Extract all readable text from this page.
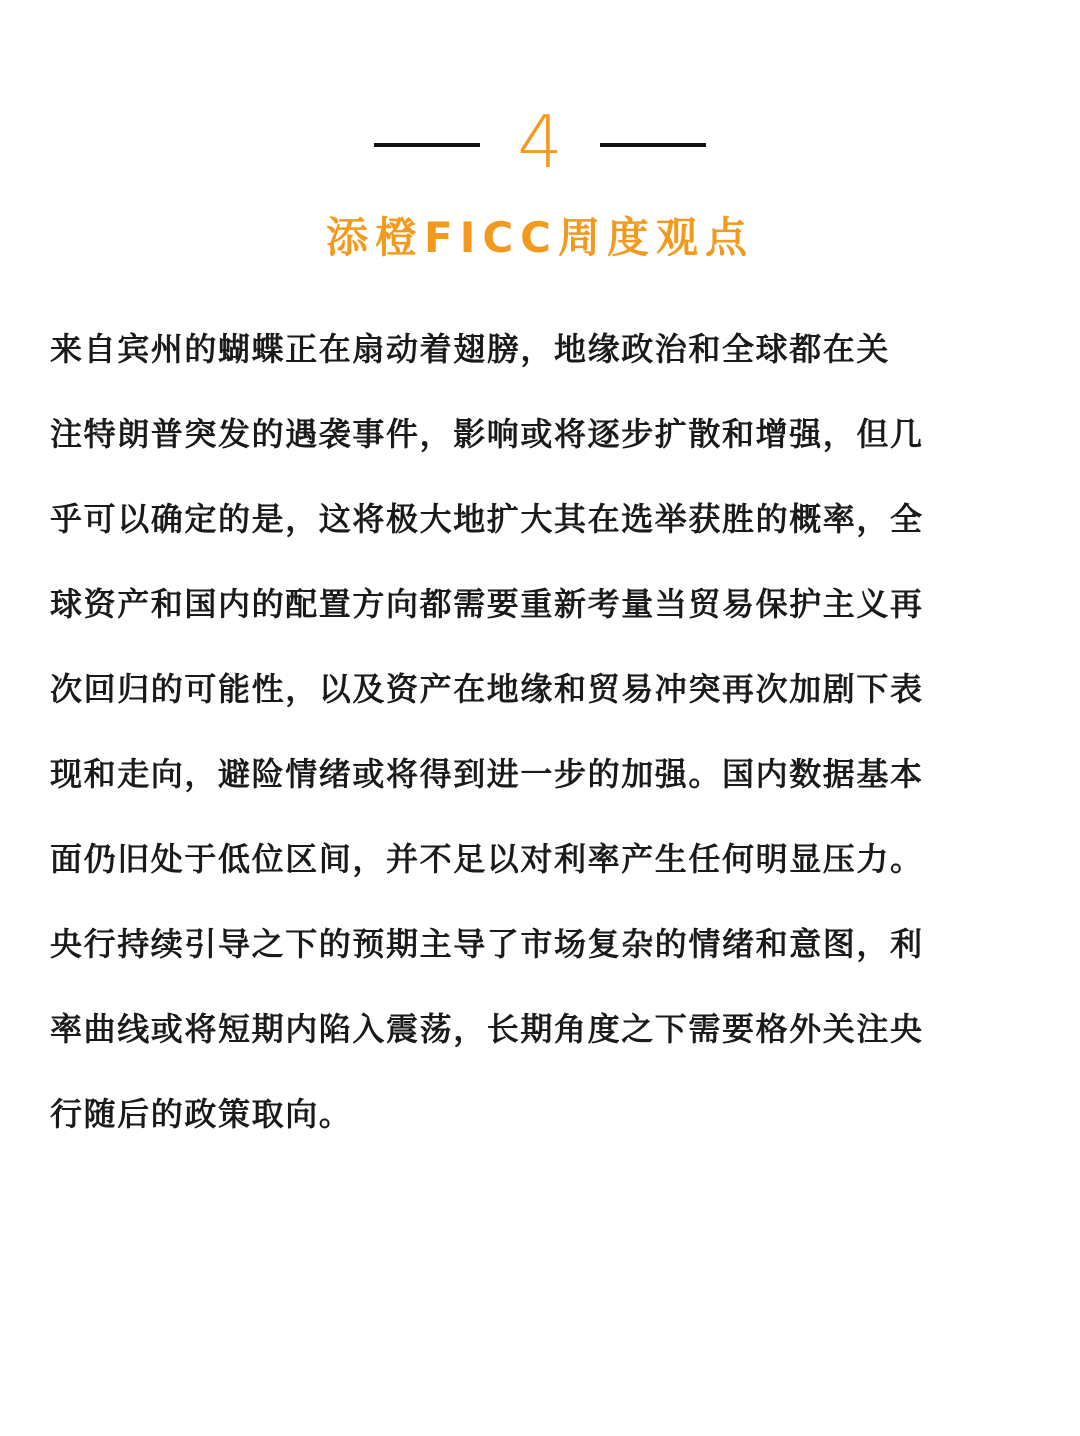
4
添橙FICC周度观点
来自宾州的蝴蝶正在扇动着翅膀，地缘政治和全球都在关
注特朗普突发的遇袭事件，影响或将逐步扩散和增强，但几
乎可以确定的是，这将极大地扩大其在选举获胜的概率，全
球资产和国内的配置方向都需要重新考量当贸易保护主义再
次回归的可能性，以及资产在地缘和贸易冲突再次加剧下表
现和走向，避险情绪或将得到进一步的加强。国内数据基本
面仍旧处于低位区间，并不足以对利率产生任何明显压力。
央行持续引导之下的预期主导了市场复杂的情绪和意图，利
率曲线或将短期内陷入震荡，长期角度之下需要格外关注央
行随后的政策取向。
